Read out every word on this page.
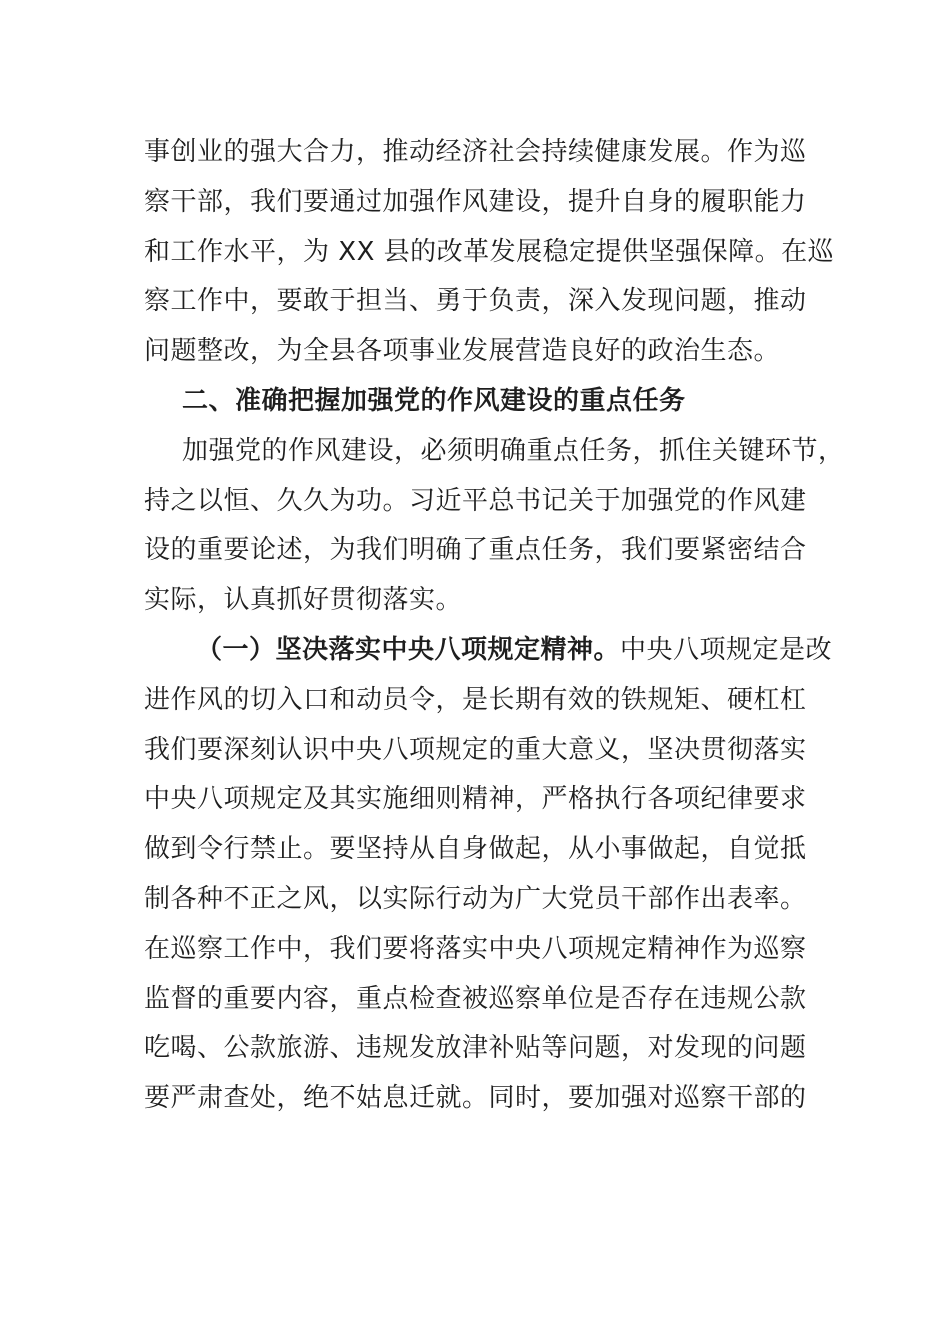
事创业的强大合力，推动经济社会持续健康发展。作为巡
察干部，我们要通过加强作风建设，提升自身的履职能力
和工作水平，为 XX 县的改革发展稳定提供坚强保障。在巡
察工作中，要敢于担当、勇于负责，深入发现问题，推动
问题整改，为全县各项事业发展营造良好的政治生态。
二、准确把握加强党的作风建设的重点任务
加强党的作风建设，必须明确重点任务，抓住关键环节，
持之以恒、久久为功。习近平总书记关于加强党的作风建
设的重要论述，为我们明确了重点任务，我们要紧密结合
实际，认真抓好贯彻落实。
（一）坚决落实中央八项规定精神。中央八项规定是改
进作风的切入口和动员令，是长期有效的铁规矩、硬杠杠
我们要深刻认识中央八项规定的重大意义，坚决贯彻落实
中央八项规定及其实施细则精神，严格执行各项纪律要求
做到令行禁止。要坚持从自身做起，从小事做起，自觉抵
制各种不正之风，以实际行动为广大党员干部作出表率。
在巡察工作中，我们要将落实中央八项规定精神作为巡察
监督的重要内容，重点检查被巡察单位是否存在违规公款
吃喝、公款旅游、违规发放津补贴等问题，对发现的问题
要严肃查处，绝不姑息迁就。同时，要加强对巡察干部的
